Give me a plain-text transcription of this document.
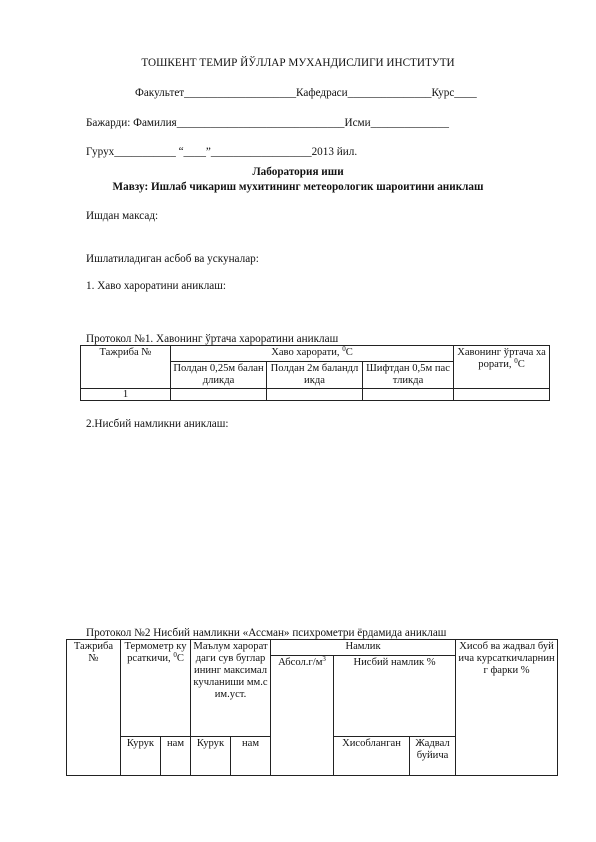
ТОШКЕНТ ТЕМИР ЙЎЛЛАР МУХАНДИСЛИГИ ИНСТИТУТИ
Факультет____________________Кафедраси_______________Курс____
Бажарди: Фамилия______________________________Исми______________
Гурух___________ “____”__________________2013 йил.
Лаборатория иши
Мавзу: Ишлаб чикариш мухитининг метеорологик шароитини аниклаш
Ишдан максад:
Ишлатиладиган асбоб ва ускуналар:
1. Хаво хароратини аниклаш:
Протокол №1. Хавонинг ўртача хароратини аниклаш
Тажриба №	Хаво харорати, $^0$С			Хавонинг ўртача харорати, $^0$С
	Полдан 0,25м баландликда	Полдан 2м баландликда	Шифтдан 0,5м пастликда	
1				
2.Нисбий намликни аниклаш:
Протокол №2 Нисбий намликни «Ассман» психрометри ёрдамида аниклаш
Тажриба №	Термометр курсаткичи, $^0$С		Маълум хароратдаги сув бугларининг максимал кучланиши мм.сим.уст.		Намлик			Хисоб ва жадвал буйича курсаткичларнинг фарки %
					$Абсол.г/м^3$	Нисбий намлик %		
	Курук	нам	Курук	нам		Хисобланган	Жадвал буйича	
